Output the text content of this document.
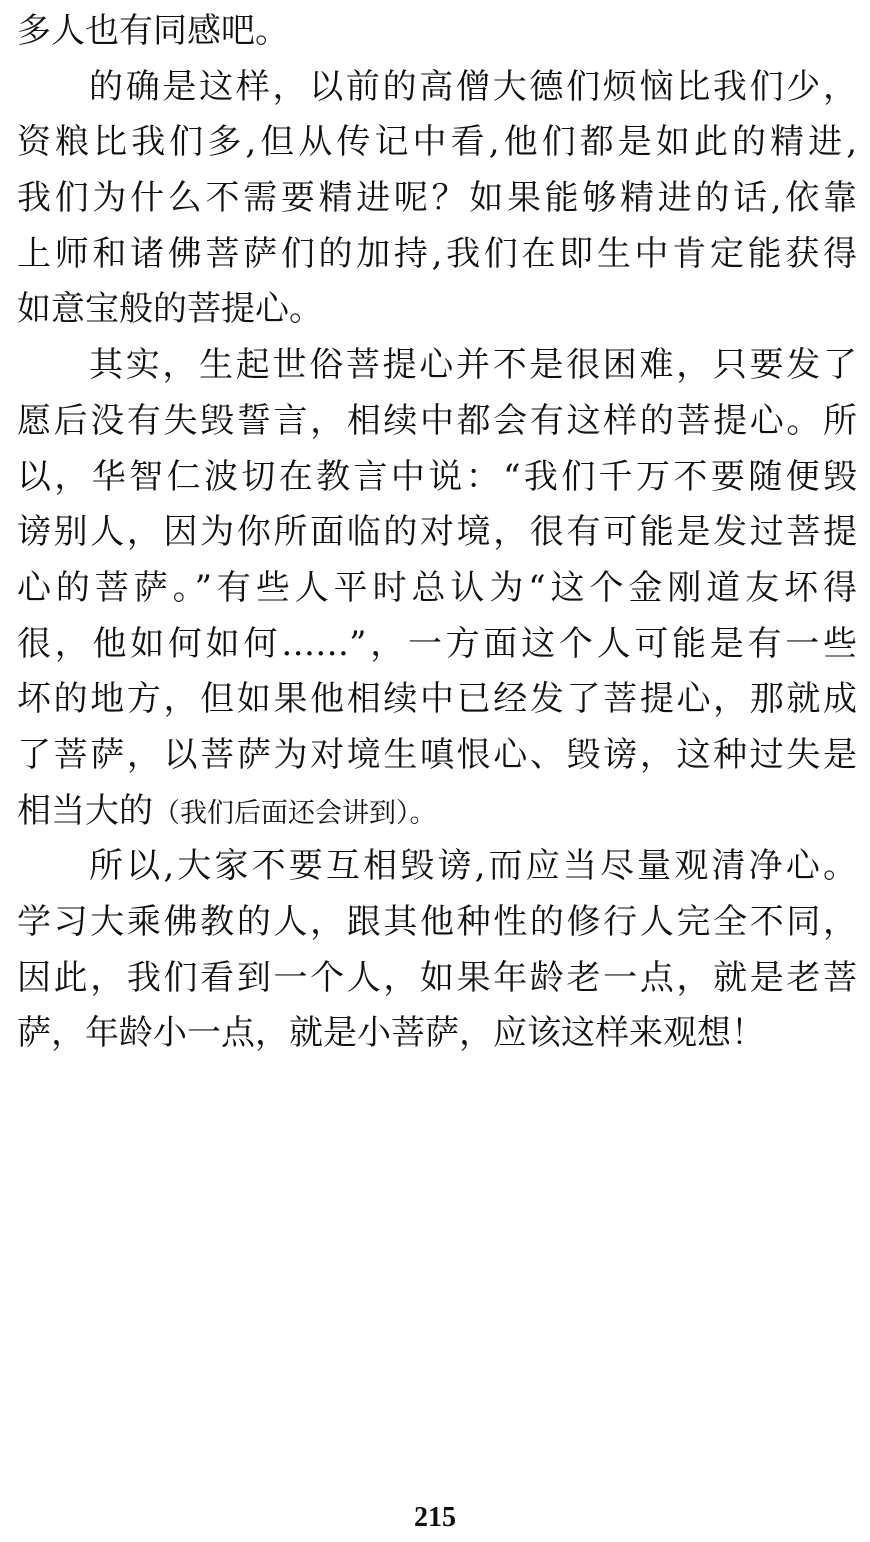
多人也有同感吧。
的确是这样，以前的高僧大德们烦恼比我们少，
资粮比我们多,但从传记中看,他们都是如此的精进,
我们为什么不需要精进呢？如果能够精进的话,依靠
上师和诸佛菩萨们的加持,我们在即生中肯定能获得
如意宝般的菩提心。
其实，生起世俗菩提心并不是很困难，只要发了
愿后没有失毁誓言，相续中都会有这样的菩提心。所
以，华智仁波切在教言中说：“我们千万不要随便毁
谤别人，因为你所面临的对境，很有可能是发过菩提
心的菩萨。”有些人平时总认为“这个金刚道友坏得
很，他如何如何……”，一方面这个人可能是有一些
坏的地方，但如果他相续中已经发了菩提心，那就成
了菩萨，以菩萨为对境生嗔恨心、毁谤，这种过失是
相当大的（我们后面还会讲到）。
所以,大家不要互相毁谤,而应当尽量观清净心。
学习大乘佛教的人，跟其他种性的修行人完全不同，
因此，我们看到一个人，如果年龄老一点，就是老菩
萨，年龄小一点，就是小菩萨，应该这样来观想！
215
